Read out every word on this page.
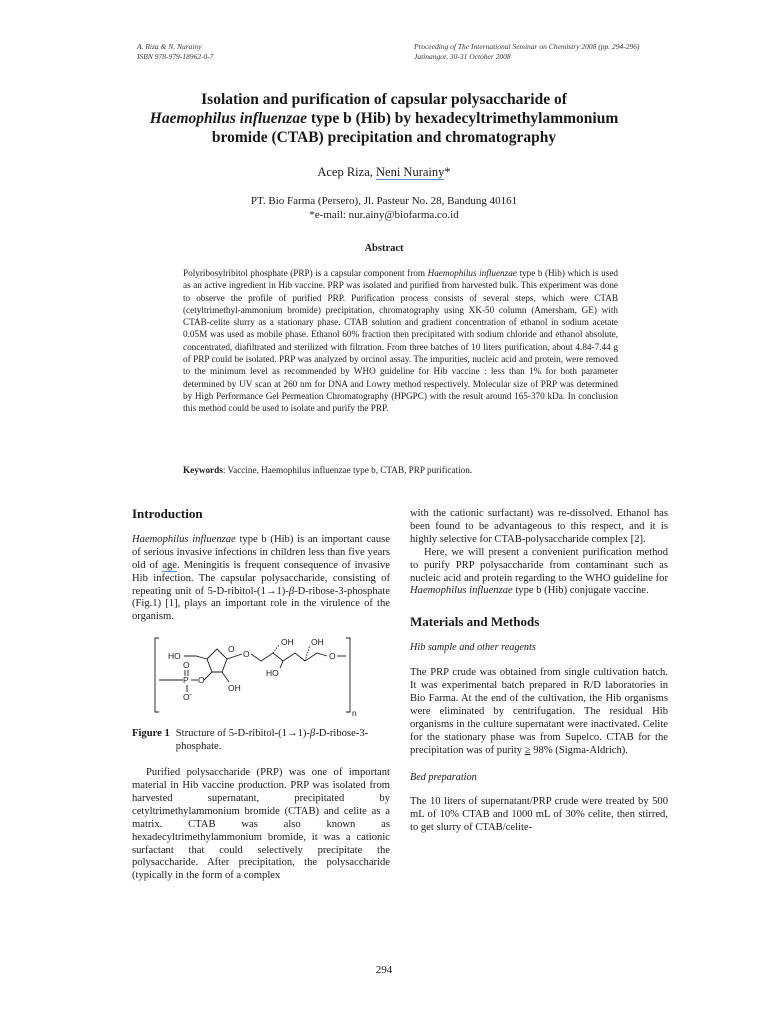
A. Riza & N. Nurainy
ISBN 978-979-18962-0-7
Proceeding of The International Seminar on Chemistry 2008 (pp. 294-296)
Jatinangor, 30-31 October 2008
Isolation and purification of capsular polysaccharide of
Haemophilus influenzae type b (Hib) by hexadecyltrimethylammonium
bromide (CTAB) precipitation and chromatography
Acep Riza, Neni Nurainy*
PT. Bio Farma (Persero), Jl. Pasteur No. 28, Bandung 40161
*e-mail: nur.ainy@biofarma.co.id
Abstract

Polyribosylribitol phosphate (PRP) is a capsular component from Haemophilus influenzae type b (Hib) which is used as an active ingredient in Hib vaccine. PRP was isolated and purified from harvested bulk. This experiment was done to observe the profile of purified PRP. Purification process consists of several steps, which were CTAB (cetyltrimethyl-ammonium bromide) precipitation, chromatography using XK-50 column (Amersham, GE) with CTAB-celite slurry as a stationary phase. CTAB solution and gradient concentration of ethanol in sodium acetate 0.05M was used as mobile phase. Ethanol 60% fraction then precipitated with sodium chloride and ethanol absolute, concentrated, diafiltrated and sterilized with filtration. From three batches of 10 liters purification, about 4.84-7.44 g of PRP could be isolated. PRP was analyzed by orcinol assay. The impurities, nucleic acid and protein, were removed to the minimum level as recommended by WHO guideline for Hib vaccine : less than 1% for both parameter determined by UV scan at 260 nm for DNA and Lowry method respectively. Molecular size of PRP was determined by High Performance Gel Permeation Chromatography (HPGPC) with the result around 165-370 kDa. In conclusion this method could be used to isolate and purify the PRP.

Keywords: Vaccine, Haemophilus influenzae type b, CTAB, PRP purification.

Introduction

Haemophilus influenzae type b (Hib) is an important cause of serious invasive infections in children less than five years old of age. Meningitis is frequent consequence of invasive Hib infection. The capsular polysaccharide, consisting of repeating unit of 5-D-ribitol-(1→1)-β-D-ribose-3-phosphate (Fig.1) [1], plays an important role in the virulence of the organism.

HO
O O
OH OH
HO
O
O
P O
O -
OH
n
Figure 1 Structure of 5-D-ribitol-(1→1)-β-D-ribose-3-phosphate.

Purified polysaccharide (PRP) was one of important material in Hib vaccine production. PRP was isolated from harvested supernatant, precipitated by cetyltrimethylammonium bromide (CTAB) and celite as a matrix. CTAB was also known as hexadecyltrimethylammonium bromide, it was a cationic surfactant that could selectively precipitate the polysaccharide. After precipitation, the polysaccharide (typically in the form of a complex

with the cationic surfactant) was re-dissolved. Ethanol has been found to be advantageous to this respect, and it is highly selective for CTAB-polysaccharide complex [2].

Here, we will present a convenient purification method to purify PRP polysaccharide from contaminant such as nucleic acid and protein regarding to the WHO guideline for Haemophilus influenzae type b (Hib) conjugate vaccine.

Materials and Methods
Hib sample and other reagents

The PRP crude was obtained from single cultivation batch. It was experimental batch prepared in R/D laboratories in Bio Farma. At the end of the cultivation, the Hib organisms were eliminated by centrifugation. The residual Hib organisms in the culture supernatant were inactivated. Celite for the stationary phase was from Supelco. CTAB for the precipitation was of purity ≥ 98% (Sigma-Aldrich).

Bed preparation

The 10 liters of supernatant/PRP crude were treated by 500 mL of 10% CTAB and 1000 mL of 30% celite, then stirred, to get slurry of CTAB/celite-

294
